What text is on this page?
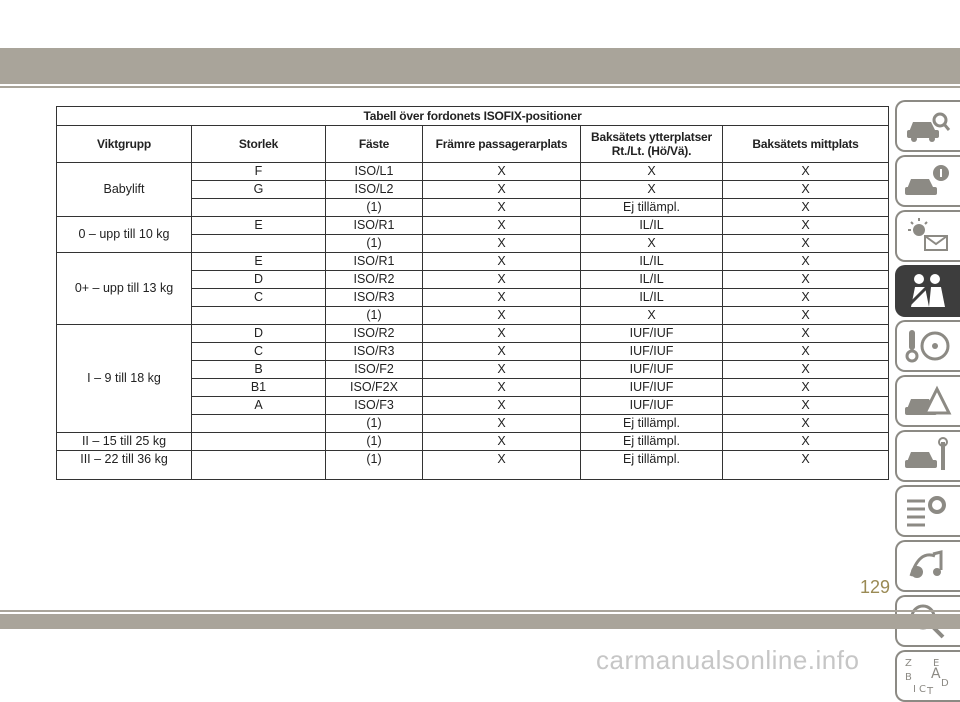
Tabell över fordonets ISOFIX-positioner					
Viktgrupp	Storlek	Fäste	Främre passagerarplats	Baksätets ytterplatser Rt./Lt. (Hö/Vä).	Baksätets mittplats
Babylift	F	ISO/L1	X	X	X
	G	ISO/L2	X	X	X
		(1)	X	Ej tillämpl.	X
0 – upp till 10 kg	E	ISO/R1	X	IL/IL	X
		(1)	X	X	X
0+ – upp till 13 kg	E	ISO/R1	X	IL/IL	X
	D	ISO/R2	X	IL/IL	X
	C	ISO/R3	X	IL/IL	X
		(1)	X	X	X
I – 9 till 18 kg	D	ISO/R2	X	IUF/IUF	X
	C	ISO/R3	X	IUF/IUF	X
	B	ISO/F2	X	IUF/IUF	X
	B1	ISO/F2X	X	IUF/IUF	X
	A	ISO/F3	X	IUF/IUF	X
		(1)	X	Ej tillämpl.	X
II – 15 till 25 kg		(1)	X	Ej tillämpl.	X
III – 22 till 36 kg		(1)	X	Ej tillämpl.	X
Z E
B A
D
I C T
129
carmanualsonline.info
